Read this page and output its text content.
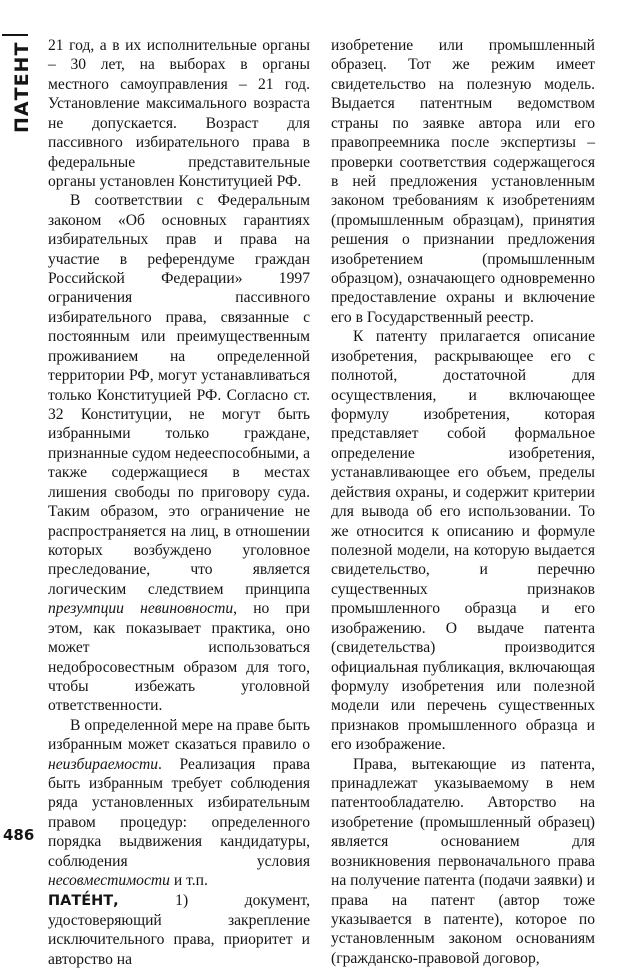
ПАТЕНТ 21 год, а в их исполнительные органы – 30 лет, на выборах в органы местного самоуправления – 21 год. Установление максимального возраста не допускается. Возраст для пассивного избирательного права в федеральные представительные органы установлен Конституцией РФ.

В соответствии с Федеральным законом «Об основных гарантиях избирательных прав и права на участие в референдуме граждан Российской Федерации» 1997 ограничения пассивного избирательного права, связанные с постоянным или преимущественным проживанием на определенной территории РФ, могут устанавливаться только Конституцией РФ. Согласно ст. 32 Конституции, не могут быть избранными только граждане, признанные судом недееспособными, а также содержащиеся в местах лишения свободы по приговору суда. Таким образом, это ограничение не распространяется на лиц, в отношении которых возбуждено уголовное преследование, что является логическим следствием принципа презумпции невиновности, но при этом, как показывает практика, оно может использоваться недобросовестным образом для того, чтобы избежать уголовной ответственности.

В определенной мере на праве быть избранным может сказаться правило о неизбираемости. Реализация права быть избранным требует соблюдения ряда установленных избирательным правом процедур: определенного порядка выдвижения кандидатуры, соблюдения условия несовместимости и т.п.

ПАТЕ́НТ, 1) документ, удостоверяющий закрепление исключительного права, приоритет и авторство на

изобретение или промышленный образец. Тот же режим имеет свидетельство на полезную модель. Выдается патентным ведомством страны по заявке автора или его правопреемника после экспертизы – проверки соответствия содержащегося в ней предложения установленным законом требованиям к изобретениям (промышленным образцам), принятия решения о признании предложения изобретением (промышленным образцом), означающего одновременно предоставление охраны и включение его в Государственный реестр.

К патенту прилагается описание изобретения, раскрывающее его с полнотой, достаточной для осуществления, и включающее формулу изобретения, которая представляет собой формальное определение изобретения, устанавливающее его объем, пределы действия охраны, и содержит критерии для вывода об его использовании. То же относится к описанию и формуле полезной модели, на которую выдается свидетельство, и перечню существенных признаков промышленного образца и его изображению. О выдаче патента (свидетельства) производится официальная публикация, включающая формулу изобретения или полезной модели или перечень существенных признаков промышленного образца и его изображение.

Права, вытекающие из патента, принадлежат указываемому в нем патентообладателю. Авторство на изобретение (промышленный образец) является основанием для возникновения первоначального права на получение патента (подачи заявки) и права на патент (автор тоже указывается в патенте), которое по установленным законом основаниям (гражданско-правовой договор,

486
